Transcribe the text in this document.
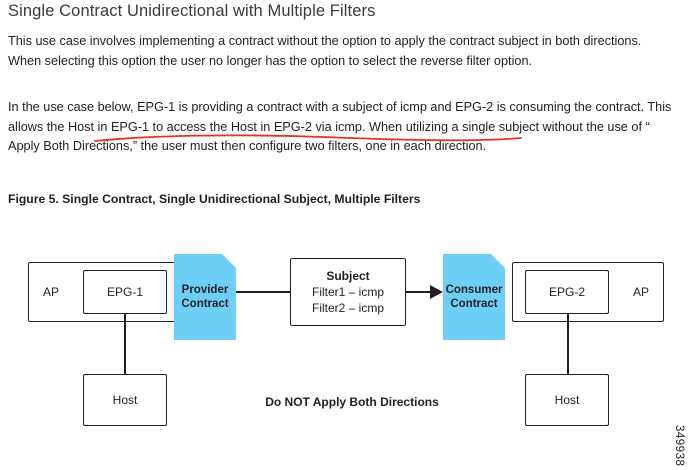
Single Contract Unidirectional with Multiple Filters
This use case involves implementing a contract without the option to apply the contract subject in both directions. When selecting this option the user no longer has the option to select the reverse filter option.
In the use case below, EPG-1 is providing a contract with a subject of icmp and EPG-2 is consuming the contract. This allows the Host in EPG-1 to access the Host in EPG-2 via icmp. When utilizing a single subject without the use of “ Apply Both Directions,” the user must then configure two filters, one in each direction.
Figure 5. Single Contract, Single Unidirectional Subject, Multiple Filters
AP	EPG-1	AP
EPG-2
Provider
Contract
Consumer
Contract
Subject
Filter1 – icmp
Filter2 – icmp
Host	Host
Do NOT Apply Both Directions
349938
